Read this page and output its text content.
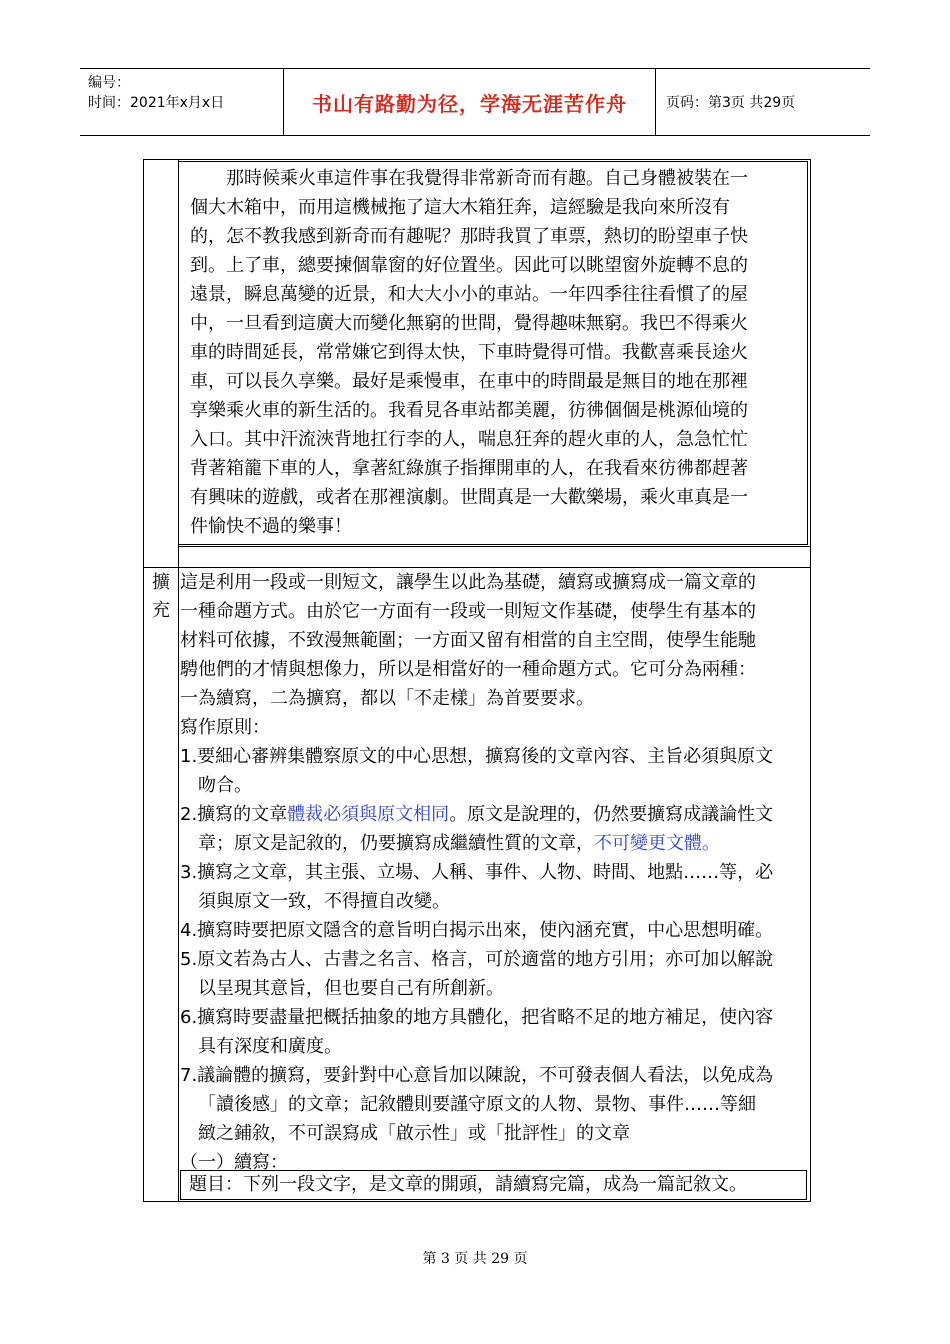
编号：
时间：2021年x月x日	书山有路勤为径，学海无涯苦作舟	页码：第3页 共29页
那時候乘火車這件事在我覺得非常新奇而有趣。自己身體被裝在一
個大木箱中，而用這機械拖了這大木箱狂奔，這經驗是我向來所沒有
的，怎不教我感到新奇而有趣呢？那時我買了車票，熱切的盼望車子快
到。上了車，總要揀個靠窗的好位置坐。因此可以眺望窗外旋轉不息的
遠景，瞬息萬變的近景，和大大小小的車站。一年四季往往看慣了的屋
中，一旦看到這廣大而變化無窮的世間，覺得趣味無窮。我巴不得乘火
車的時間延長，常常嫌它到得太快，下車時覺得可惜。我歡喜乘長途火
車，可以長久享樂。最好是乘慢車，在車中的時間最是無目的地在那裡
享樂乘火車的新生活的。我看見各車站都美麗，彷彿個個是桃源仙境的
入口。其中汗流浹背地扛行李的人，喘息狂奔的趕火車的人，急急忙忙
背著箱籠下車的人，拿著紅綠旗子指揮開車的人，在我看來彷彿都趕著
有興味的遊戲，或者在那裡演劇。世間真是一大歡樂場，乘火車真是一
件愉快不過的樂事！
擴
充
這是利用一段或一則短文，讓學生以此為基礎，續寫或擴寫成一篇文章的
一種命題方式。由於它一方面有一段或一則短文作基礎，使學生有基本的
材料可依據，不致漫無範圍；一方面又留有相當的自主空間，使學生能馳
騁他們的才情與想像力，所以是相當好的一種命題方式。它可分為兩種：
一為續寫，二為擴寫，都以「不走樣」為首要要求。
寫作原則：
1.要細心審辨集體察原文的中心思想，擴寫後的文章內容、主旨必須與原文
吻合。
2.擴寫的文章體裁必須與原文相同。原文是說理的，仍然要擴寫成議論性文
章；原文是記敘的，仍要擴寫成繼續性質的文章，不可變更文體。
3.擴寫之文章，其主張、立場、人稱、事件、人物、時間、地點……等，必
須與原文一致，不得擅自改變。
4.擴寫時要把原文隱含的意旨明白揭示出來，使內涵充實，中心思想明確。
5.原文若為古人、古書之名言、格言，可於適當的地方引用；亦可加以解說
以呈現其意旨，但也要自己有所創新。
6.擴寫時要盡量把概括抽象的地方具體化，把省略不足的地方補足，使內容
具有深度和廣度。
7.議論體的擴寫，要針對中心意旨加以陳說，不可發表個人看法，以免成為
「讀後感」的文章；記敘體則要謹守原文的人物、景物、事件……等細
緻之鋪敘，不可誤寫成「啟示性」或「批評性」的文章
（一）續寫：
題目：下列一段文字，是文章的開頭，請續寫完篇，成為一篇記敘文。
第 3 页 共 29 页
